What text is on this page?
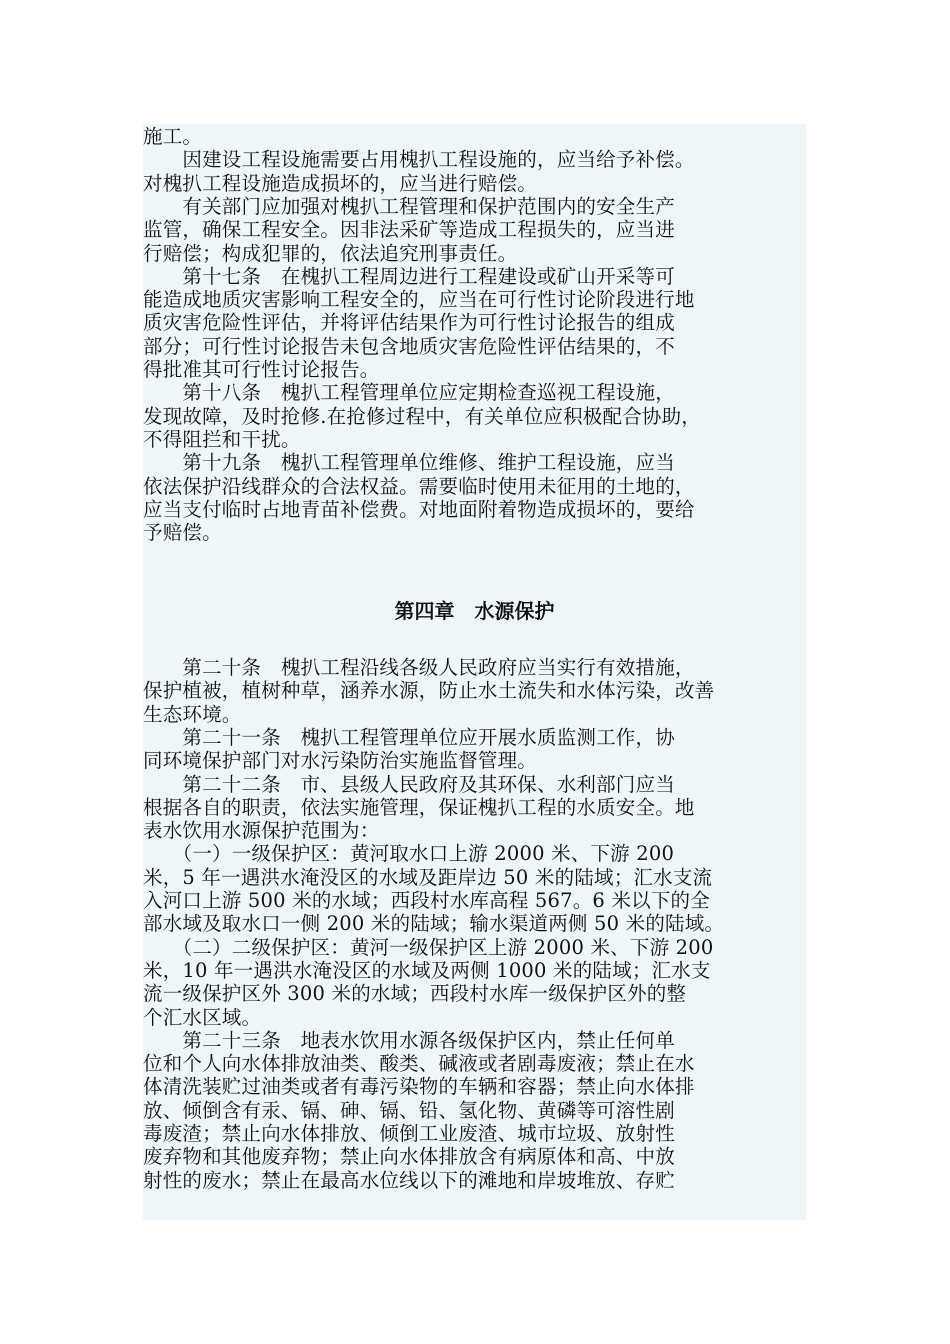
施工。
　　因建设工程设施需要占用槐扒工程设施的，应当给予补偿。
对槐扒工程设施造成损坏的，应当进行赔偿。
　　有关部门应加强对槐扒工程管理和保护范围内的安全生产
监管，确保工程安全。因非法采矿等造成工程损失的，应当进
行赔偿；构成犯罪的，依法追究刑事责任。
　　第十七条　在槐扒工程周边进行工程建设或矿山开采等可
能造成地质灾害影响工程安全的，应当在可行性讨论阶段进行地
质灾害危险性评估，并将评估结果作为可行性讨论报告的组成
部分；可行性讨论报告未包含地质灾害危险性评估结果的，不
得批准其可行性讨论报告。
　　第十八条　槐扒工程管理单位应定期检查巡视工程设施，
发现故障，及时抢修.在抢修过程中，有关单位应积极配合协助，
不得阻拦和干扰。
　　第十九条　槐扒工程管理单位维修、维护工程设施，应当
依法保护沿线群众的合法权益。需要临时使用未征用的土地的，
应当支付临时占地青苗补偿费。对地面附着物造成损坏的，要给
予赔偿。
第四章　水源保护
　　第二十条　槐扒工程沿线各级人民政府应当实行有效措施，
保护植被，植树种草，涵养水源，防止水土流失和水体污染，改善
生态环境。
　　第二十一条　槐扒工程管理单位应开展水质监测工作，协
同环境保护部门对水污染防治实施监督管理。
　　第二十二条　市、县级人民政府及其环保、水利部门应当
根据各自的职责，依法实施管理，保证槐扒工程的水质安全。地
表水饮用水源保护范围为：
　　（一）一级保护区：黄河取水口上游 2000 米、下游 200
米，5 年一遇洪水淹没区的水域及距岸边 50 米的陆域；汇水支流
入河口上游 500 米的水域；西段村水库高程 567。6 米以下的全
部水域及取水口一侧 200 米的陆域；输水渠道两侧 50 米的陆域。
　　（二）二级保护区：黄河一级保护区上游 2000 米、下游 200
米，10 年一遇洪水淹没区的水域及两侧 1000 米的陆域；汇水支
流一级保护区外 300 米的水域；西段村水库一级保护区外的整
个汇水区域。
　　第二十三条　地表水饮用水源各级保护区内，禁止任何单
位和个人向水体排放油类、酸类、碱液或者剧毒废液；禁止在水
体清洗装贮过油类或者有毒污染物的车辆和容器；禁止向水体排
放、倾倒含有汞、镉、砷、镉、铅、氢化物、黄磷等可溶性剧
毒废渣；禁止向水体排放、倾倒工业废渣、城市垃圾、放射性
废弃物和其他废弃物；禁止向水体排放含有病原体和高、中放
射性的废水；禁止在最高水位线以下的滩地和岸坡堆放、存贮
